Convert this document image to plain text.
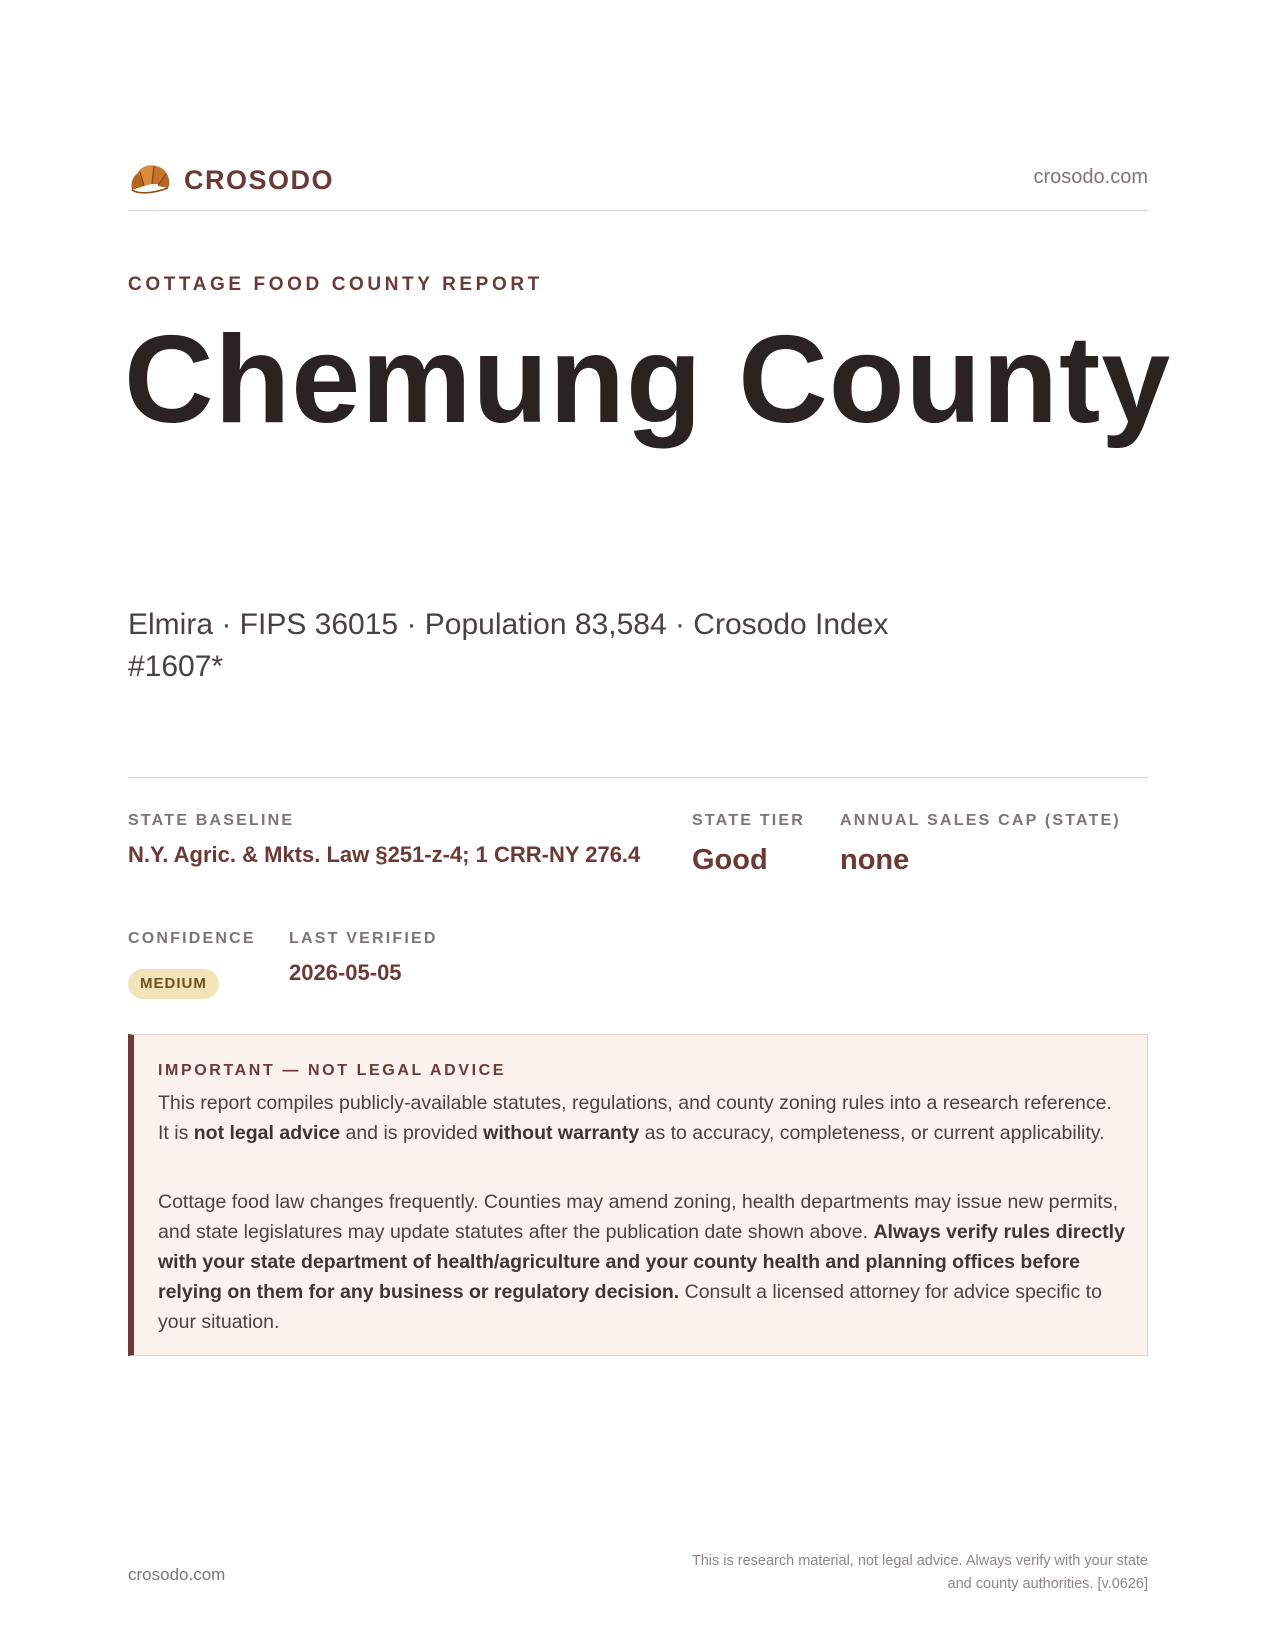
CROSODO	crosodo.com
COTTAGE FOOD COUNTY REPORT
Chemung County
Elmira · FIPS 36015 · Population 83,584 · Crosodo Index #1607*
STATE BASELINE
N.Y. Agric. & Mkts. Law §251-z-4; 1 CRR-NY 276.4
STATE TIER
Good
ANNUAL SALES CAP (STATE)
none
CONFIDENCE
MEDIUM
LAST VERIFIED
2026-05-05
IMPORTANT — NOT LEGAL ADVICE

This report compiles publicly-available statutes, regulations, and county zoning rules into a research reference. It is not legal advice and is provided without warranty as to accuracy, completeness, or current applicability.

Cottage food law changes frequently. Counties may amend zoning, health departments may issue new permits, and state legislatures may update statutes after the publication date shown above. Always verify rules directly with your state department of health/agriculture and your county health and planning offices before relying on them for any business or regulatory decision. Consult a licensed attorney for advice specific to your situation.

crosodo.com
This is research material, not legal advice. Always verify with your state
and county authorities. [v.0626]
